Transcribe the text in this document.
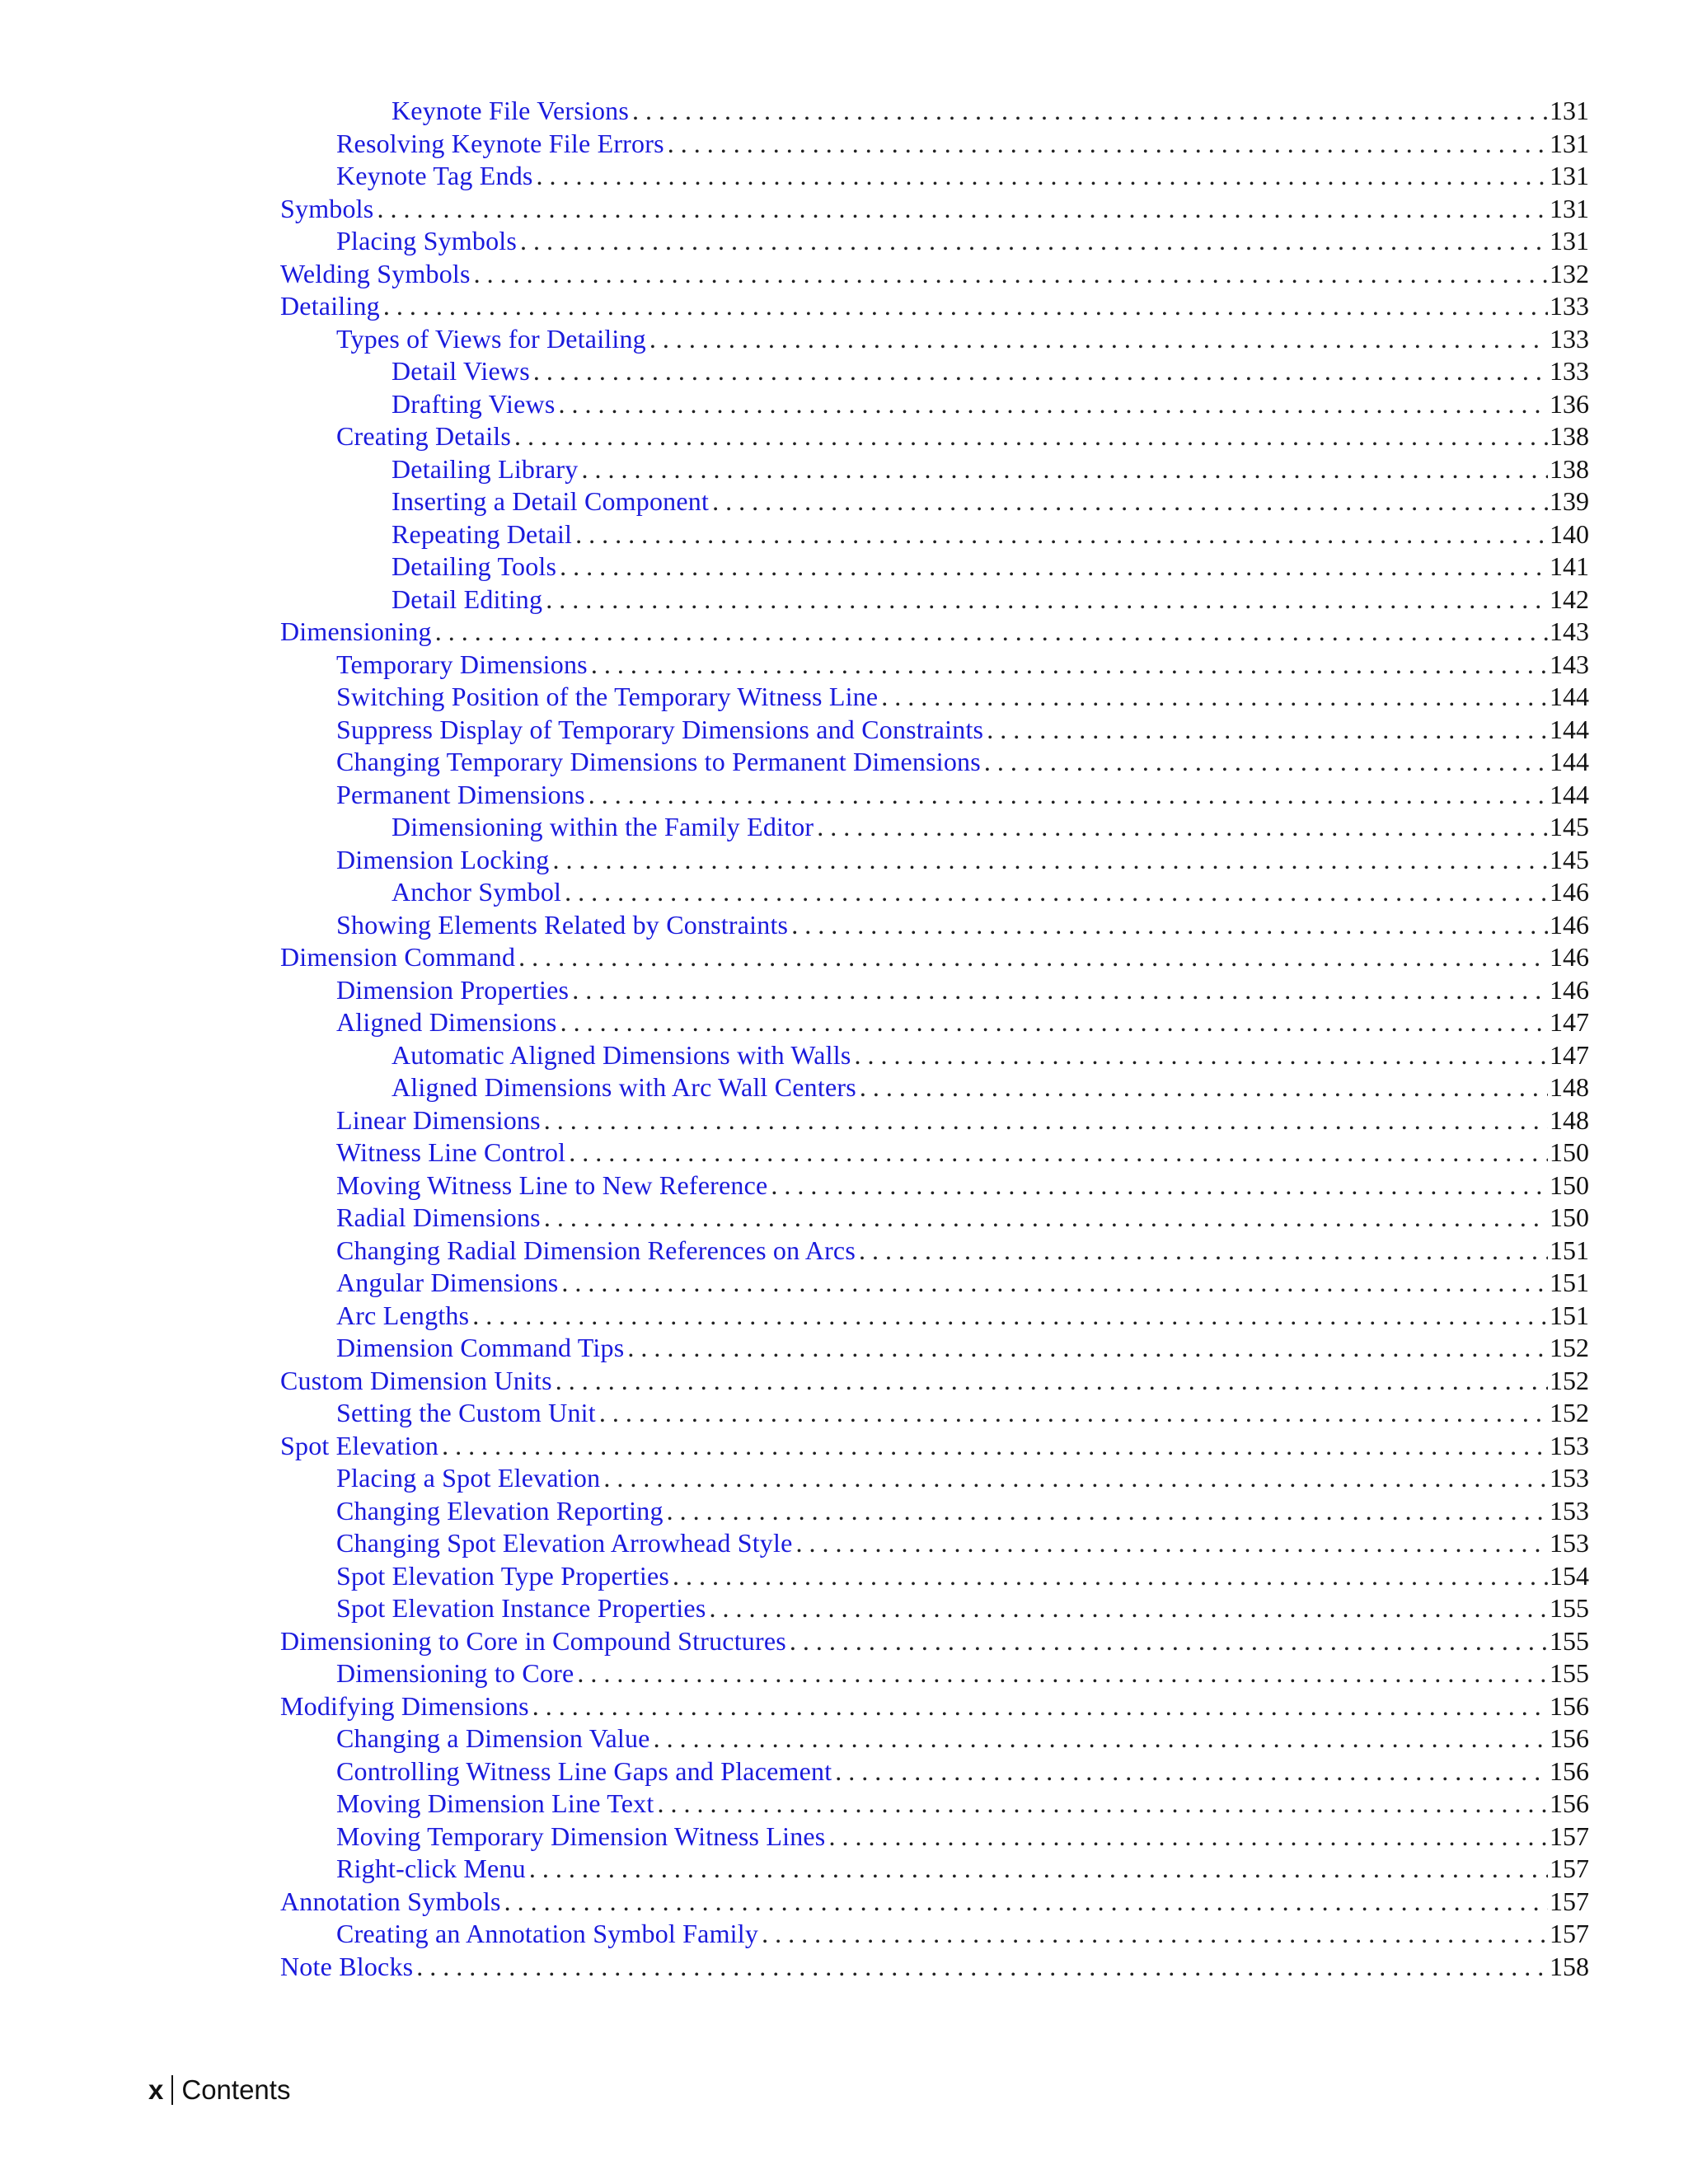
Keynote File Versions . . .	131
Resolving Keynote File Errors . . .	131
Keynote Tag Ends . . .	131
Symbols . . .	131
Placing Symbols . . .	131
Welding Symbols . . .	132
Detailing . . .	133
Types of Views for Detailing . . .	133
Detail Views . . .	133
Drafting Views . . .	136
Creating Details . . .	138
Detailing Library . . .	138
Inserting a Detail Component . . .	139
Repeating Detail . . .	140
Detailing Tools . . .	141
Detail Editing . . .	142
Dimensioning . . .	143
Temporary Dimensions . . .	143
Switching Position of the Temporary Witness Line . . .	144
Suppress Display of Temporary Dimensions and Constraints . . .	144
Changing Temporary Dimensions to Permanent Dimensions . . .	144
Permanent Dimensions . . .	144
Dimensioning within the Family Editor . . .	145
Dimension Locking . . .	145
Anchor Symbol . . .	146
Showing Elements Related by Constraints . . .	146
Dimension Command . . .	146
Dimension Properties . . .	146
Aligned Dimensions . . .	147
Automatic Aligned Dimensions with Walls . . .	147
Aligned Dimensions with Arc Wall Centers . . .	148
Linear Dimensions . . .	148
Witness Line Control . . .	150
Moving Witness Line to New Reference . . .	150
Radial Dimensions . . .	150
Changing Radial Dimension References on Arcs . . .	151
Angular Dimensions . . .	151
Arc Lengths . . .	151
Dimension Command Tips . . .	152
Custom Dimension Units . . .	152
Setting the Custom Unit . . .	152
Spot Elevation . . .	153
Placing a Spot Elevation . . .	153
Changing Elevation Reporting . . .	153
Changing Spot Elevation Arrowhead Style . . .	153
Spot Elevation Type Properties . . .	154
Spot Elevation Instance Properties . . .	155
Dimensioning to Core in Compound Structures . . .	155
Dimensioning to Core . . .	155
Modifying Dimensions . . .	156
Changing a Dimension Value . . .	156
Controlling Witness Line Gaps and Placement . . .	156
Moving Dimension Line Text . . .	156
Moving Temporary Dimension Witness Lines . . .	157
Right-click Menu . . .	157
Annotation Symbols . . .	157
Creating an Annotation Symbol Family . . .	157
Note Blocks . . .	158
x Contents
